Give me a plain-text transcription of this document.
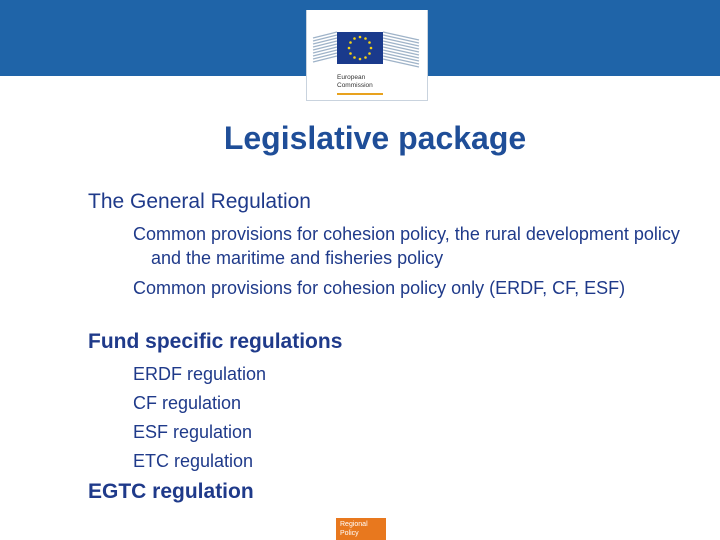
European
Commission
Legislative package
The General Regulation
Common provisions for cohesion policy, the rural development policy and the maritime and fisheries policy
Common provisions for cohesion policy only (ERDF, CF, ESF)
Fund specific regulations
ERDF regulation
CF regulation
ESF regulation
ETC regulation
EGTC regulation
Regional
Policy
